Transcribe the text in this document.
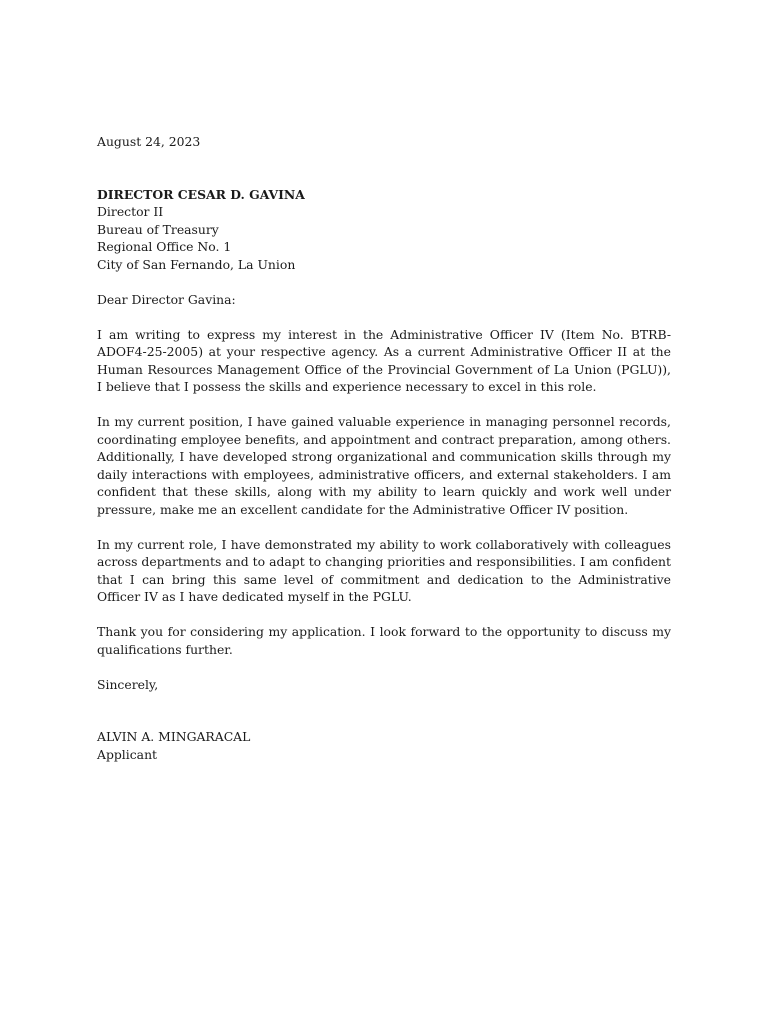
August 24, 2023
DIRECTOR CESAR D. GAVINA
Director II
Bureau of Treasury
Regional Office No. 1
City of San Fernando, La Union
Dear Director Gavina:

I am writing to express my interest in the Administrative Officer IV (Item No. BTRB-ADOF4-25-2005) at your respective agency. As a current Administrative Officer II at the Human Resources Management Office of the Provincial Government of La Union (PGLU)), I believe that I possess the skills and experience necessary to excel in this role.

In my current position, I have gained valuable experience in managing personnel records, coordinating employee benefits, and appointment and contract preparation, among others. Additionally, I have developed strong organizational and communication skills through my daily interactions with employees, administrative officers, and external stakeholders. I am confident that these skills, along with my ability to learn quickly and work well under pressure, make me an excellent candidate for the Administrative Officer IV position.

In my current role, I have demonstrated my ability to work collaboratively with colleagues across departments and to adapt to changing priorities and responsibilities. I am confident that I can bring this same level of commitment and dedication to the Administrative Officer IV as I have dedicated myself in the PGLU.

Thank you for considering my application. I look forward to the opportunity to discuss my qualifications further.

Sincerely,
ALVIN A. MINGARACAL
Applicant
